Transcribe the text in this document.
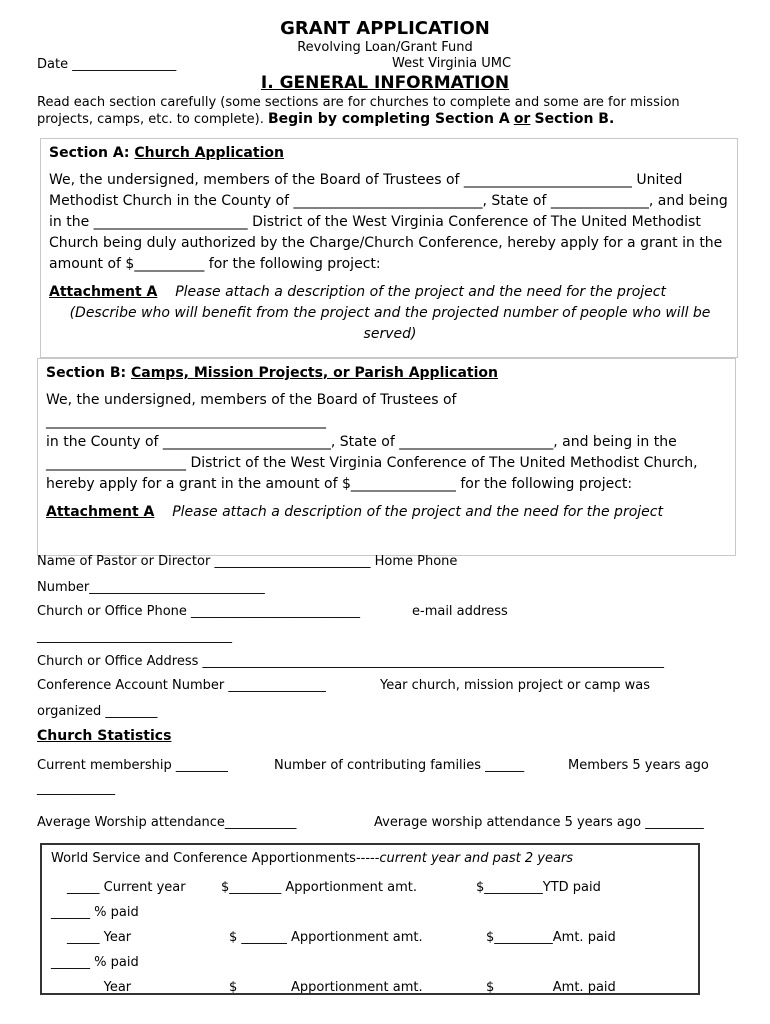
GRANT APPLICATION
Revolving Loan/Grant Fund
West Virginia UMC
Date ________________
I. GENERAL INFORMATION
Read each section carefully (some sections are for churches to complete and some are for mission projects, camps, etc. to complete). Begin by completing Section A or Section B.
Section A: Church Application
We, the undersigned, members of the Board of Trustees of ________________________ United Methodist Church in the County of ___________________________, State of ______________, and being in the ______________________ District of the West Virginia Conference of The United Methodist Church being duly authorized by the Charge/Church Conference, hereby apply for a grant in the amount of $__________ for the following project:
Attachment A Please attach a description of the project and the need for the project
(Describe who will benefit from the project and the projected number of people who will be served)
Section B: Camps, Mission Projects, or Parish Application
We, the undersigned, members of the Board of Trustees of
________________________________________
in the County of ________________________, State of ______________________, and being in the ____________________ District of the West Virginia Conference of The United Methodist Church, hereby apply for a grant in the amount of $_______________ for the following project:
Attachment A Please attach a description of the project and the need for the project
Name of Pastor or Director ________________________ Home Phone
Number___________________________
Church or Office Phone __________________________	e-mail address
______________________________
Church or Office Address _______________________________________________________________________
Conference Account Number _______________	Year church, mission project or camp was
organized ________
Church Statistics
Current membership ________	Number of contributing families ______	Members 5 years ago
____________
Average Worship attendance___________	Average worship attendance 5 years ago _________
World Service and Conference Apportionments-----current year and past 2 years
_____ Current year	$________ Apportionment amt.	$_________YTD paid
______ % paid
_____ Year	$ _______ Apportionment amt.	$_________Amt. paid
______ % paid
_____ Year	$ _______ Apportionment amt.	$_________Amt. paid
